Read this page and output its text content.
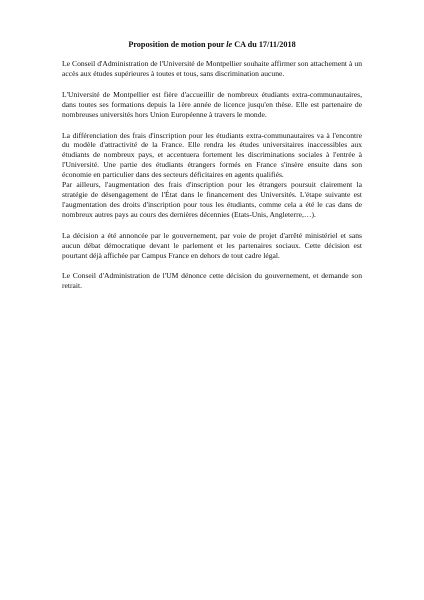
Proposition de motion pour le CA du 17/11/2018

Le Conseil d'Administration de l'Université de Montpellier souhaite affirmer son attachement à un accès aux études supérieures à toutes et tous, sans discrimination aucune.

L'Université de Montpellier est fière d'accueillir de nombreux étudiants extra-communautaires, dans toutes ses formations depuis la 1ère année de licence jusqu'en thèse. Elle est partenaire de nombreuses universités hors Union Européenne à travers le monde.

La différenciation des frais d'inscription pour les étudiants extra-communautaires va à l'encontre du modèle d'attractivité de la France. Elle rendra les études universitaires inaccessibles aux étudiants de nombreux pays, et accentuera fortement les discriminations sociales à l'entrée à l'Université. Une partie des étudiants étrangers formés en France s'insère ensuite dans son économie en particulier dans des secteurs déficitaires en agents qualifiés.

Par ailleurs, l'augmentation des frais d'inscription pour les étrangers poursuit clairement la stratégie de désengagement de l'État dans le financement des Universités. L'étape suivante est l'augmentation des droits d'inscription pour tous les étudiants, comme cela a été le cas dans de nombreux autres pays au cours des dernières décennies (Etats-Unis, Angleterre,…).

La décision a été annoncée par le gouvernement, par voie de projet d'arrêté ministériel et sans aucun débat démocratique devant le parlement et les partenaires sociaux. Cette décision est pourtant déjà affichée par Campus France en dehors de tout cadre légal.

Le Conseil d'Administration de l'UM dénonce cette décision du gouvernement, et demande son retrait.
